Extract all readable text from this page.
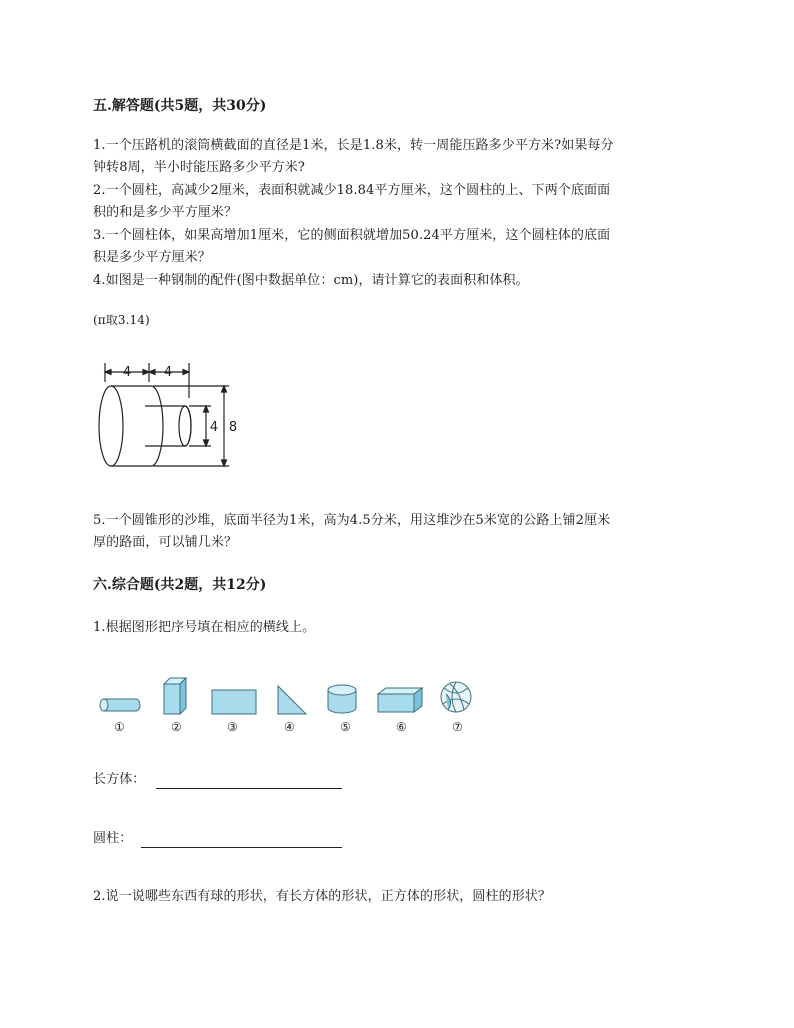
五.解答题(共5题，共30分)
1.一个压路机的滚筒横截面的直径是1米，长是1.8米，转一周能压路多少平方米?如果每分
钟转8周，半小时能压路多少平方米?
2.一个圆柱，高减少2厘米，表面积就减少18.84平方厘米，这个圆柱的上、下两个底面面
积的和是多少平方厘米？
3.一个圆柱体，如果高增加1厘米，它的侧面积就增加50.24平方厘米，这个圆柱体的底面
积是多少平方厘米？
4.如图是一种钢制的配件(图中数据单位：cm)，请计算它的表面积和体积。
(π取3.14)
4	4
4 8
5.一个圆锥形的沙堆，底面半径为1米，高为4.5分米，用这堆沙在5米宽的公路上铺2厘米
厚的路面，可以铺几米？
六.综合题(共2题，共12分)
1.根据图形把序号填在相应的横线上。
①	②	③	④	⑤	⑥	⑦
长方体：
圆柱：
2.说一说哪些东西有球的形状，有长方体的形状，正方体的形状，圆柱的形状？
